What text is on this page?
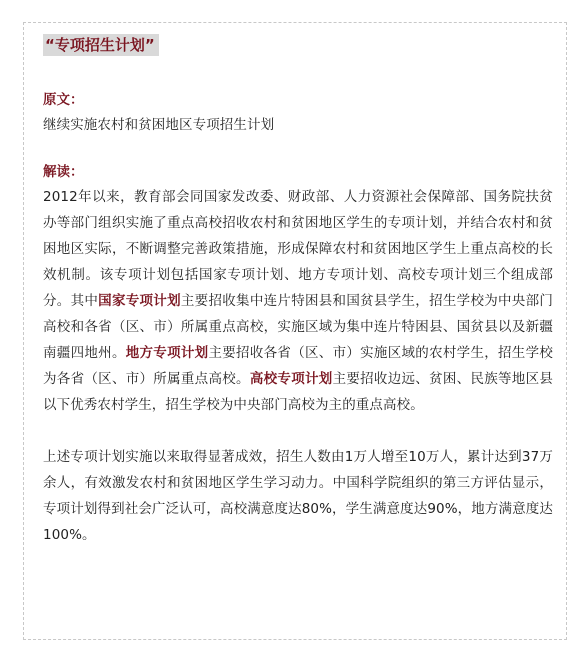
“专项招生计划”
原文：

继续实施农村和贫困地区专项招生计划

解读：

2012年以来，教育部会同国家发改委、财政部、人力资源社会保障部、国务院扶贫办等部门组织实施了重点高校招收农村和贫困地区学生的专项计划，并结合农村和贫困地区实际，不断调整完善政策措施，形成保障农村和贫困地区学生上重点高校的长效机制。该专项计划包括国家专项计划、地方专项计划、高校专项计划三个组成部分。其中国家专项计划主要招收集中连片特困县和国贫县学生，招生学校为中央部门高校和各省（区、市）所属重点高校，实施区域为集中连片特困县、国贫县以及新疆南疆四地州。地方专项计划主要招收各省（区、市）实施区域的农村学生，招生学校为各省（区、市）所属重点高校。高校专项计划主要招收边远、贫困、民族等地区县以下优秀农村学生，招生学校为中央部门高校为主的重点高校。

上述专项计划实施以来取得显著成效，招生人数由1万人增至10万人，累计达到37万余人，有效激发农村和贫困地区学生学习动力。中国科学院组织的第三方评估显示，专项计划得到社会广泛认可，高校满意度达80%，学生满意度达90%，地方满意度达100%。
